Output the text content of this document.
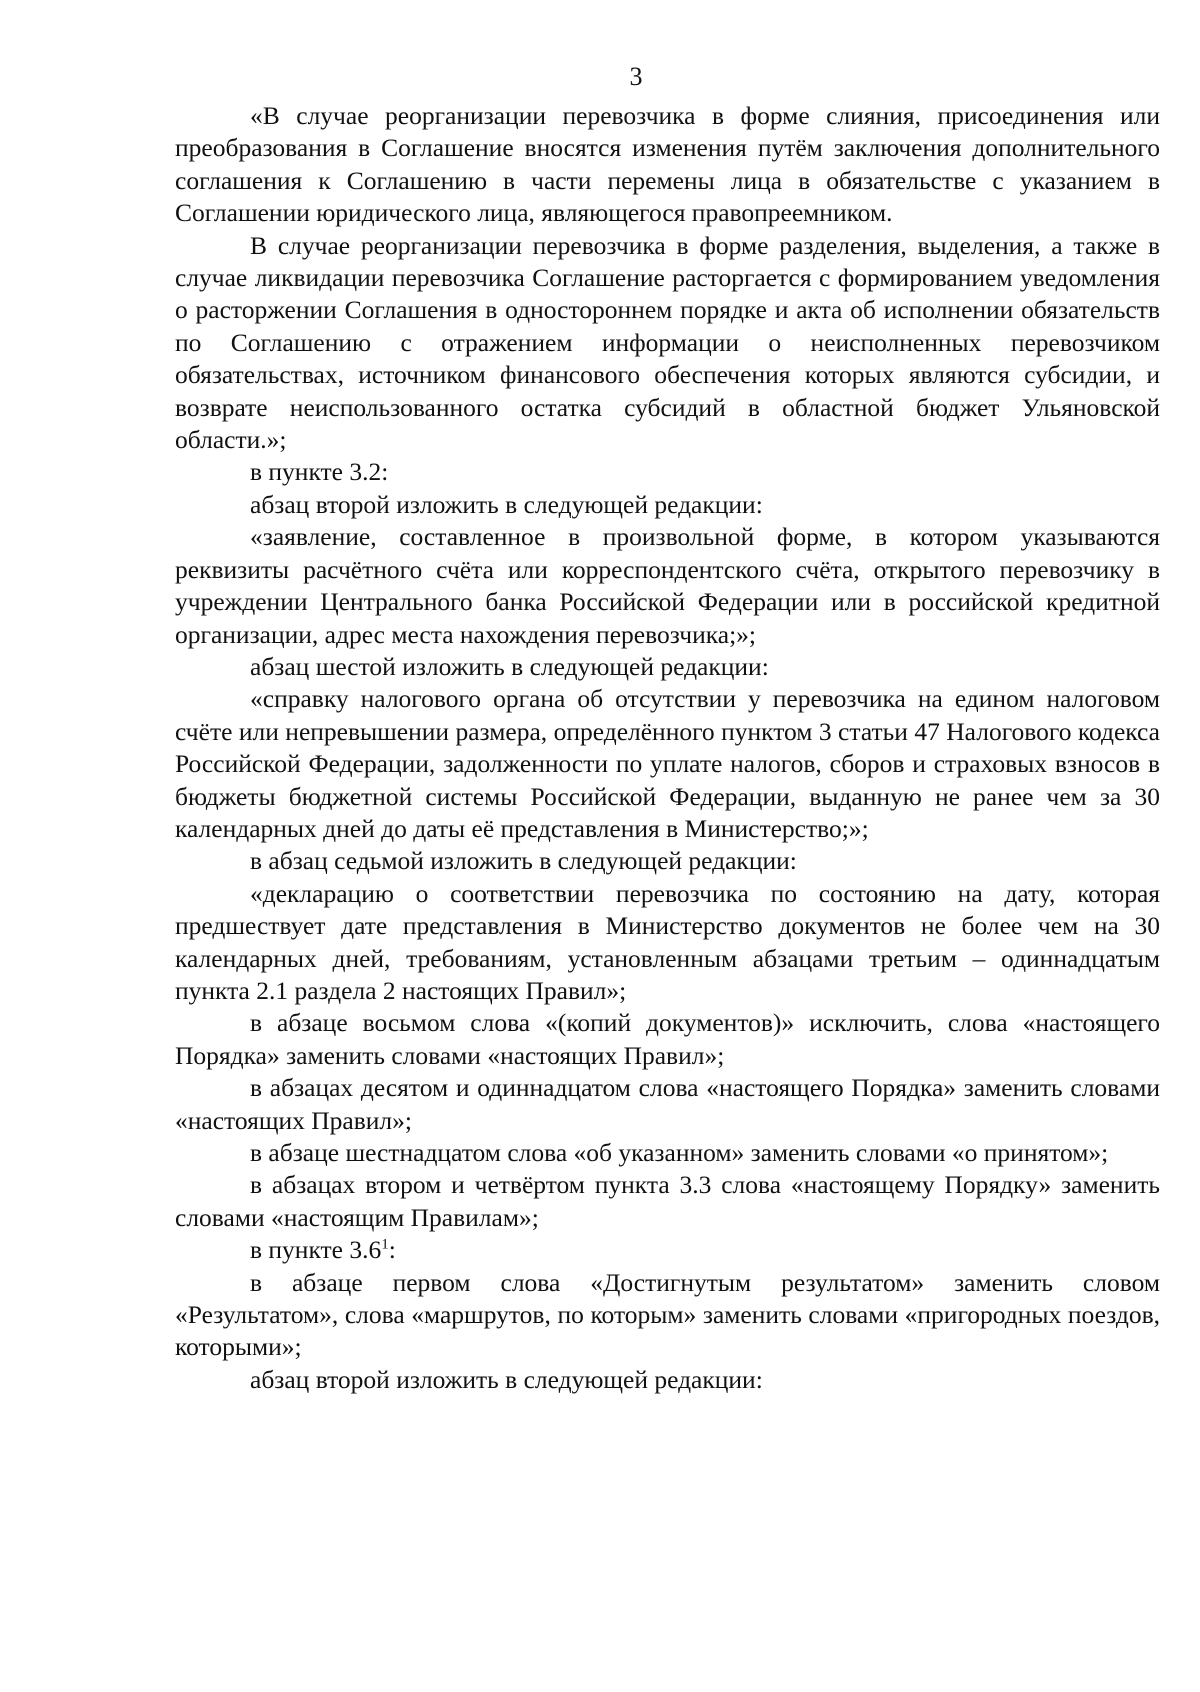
3

«В случае реорганизации перевозчика в форме слияния, присоединения или преобразования в Соглашение вносятся изменения путём заключения дополнительного соглашения к Соглашению в части перемены лица в обязательстве с указанием в Соглашении юридического лица, являющегося правопреемником.

В случае реорганизации перевозчика в форме разделения, выделения, а также в случае ликвидации перевозчика Соглашение расторгается с формированием уведомления о расторжении Соглашения в одностороннем порядке и акта об исполнении обязательств по Соглашению с отражением информации о неисполненных перевозчиком обязательствах, источником финансового обеспечения которых являются субсидии, и возврате неиспользованного остатка субсидий в областной бюджет Ульяновской области.»;

в пункте 3.2:

абзац второй изложить в следующей редакции:

«заявление, составленное в произвольной форме, в котором указываются реквизиты расчётного счёта или корреспондентского счёта, открытого перевозчику в учреждении Центрального банка Российской Федерации или в российской кредитной организации, адрес места нахождения перевозчика;»;

абзац шестой изложить в следующей редакции:

«справку налогового органа об отсутствии у перевозчика на едином налоговом счёте или непревышении размера, определённого пунктом 3 статьи 47 Налогового кодекса Российской Федерации, задолженности по уплате налогов, сборов и страховых взносов в бюджеты бюджетной системы Российской Федерации, выданную не ранее чем за 30 календарных дней до даты её представления в Министерство;»;

в абзац седьмой изложить в следующей редакции:

«декларацию о соответствии перевозчика по состоянию на дату, которая предшествует дате представления в Министерство документов не более чем на 30 календарных дней, требованиям, установленным абзацами третьим – одиннадцатым пункта 2.1 раздела 2 настоящих Правил»;

в абзаце восьмом слова «(копий документов)» исключить, слова «настоящего Порядка» заменить словами «настоящих Правил»;

в абзацах десятом и одиннадцатом слова «настоящего Порядка» заменить словами «настоящих Правил»;

в абзаце шестнадцатом слова «об указанном» заменить словами «о принятом»;

в абзацах втором и четвёртом пункта 3.3 слова «настоящему Порядку» заменить словами «настоящим Правилам»;

в пункте $3.6^1$:

в абзаце первом слова «Достигнутым результатом» заменить словом «Результатом», слова «маршрутов, по которым» заменить словами «пригородных поездов, которыми»;

абзац второй изложить в следующей редакции:
